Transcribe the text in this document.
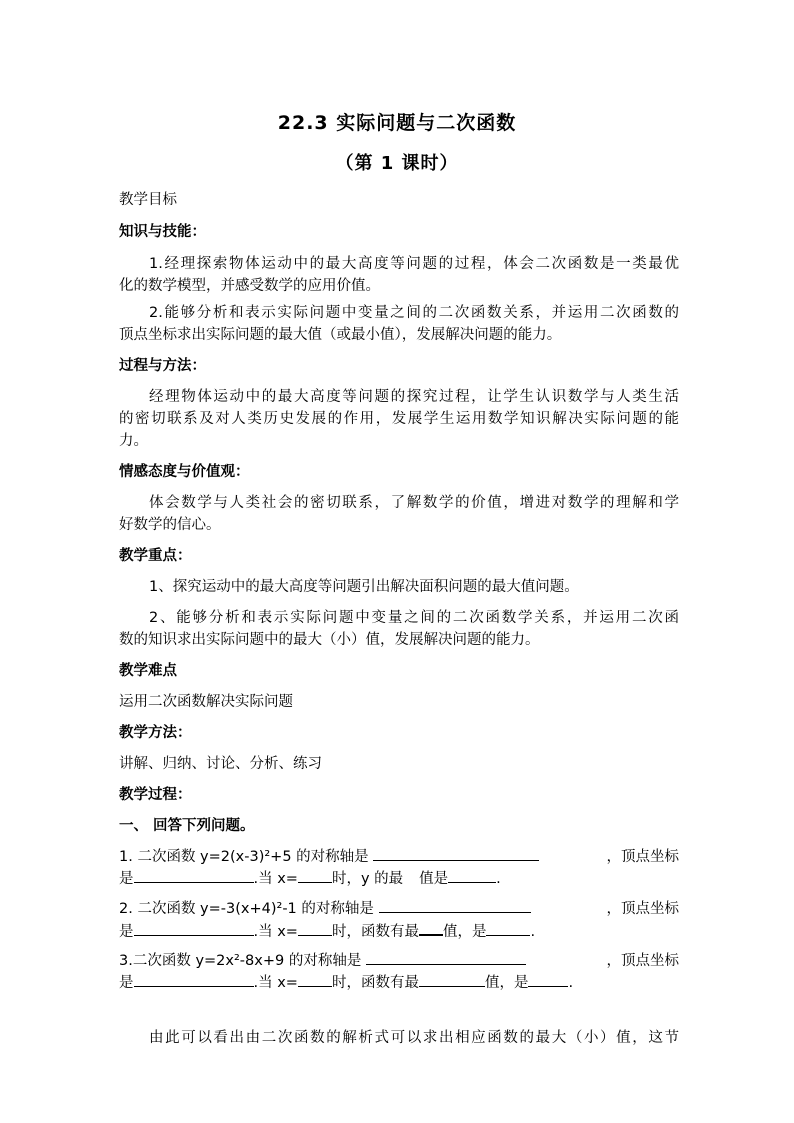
22.3 实际问题与二次函数
（第 1 课时）
教学目标
知识与技能：
1.经理探索物体运动中的最大高度等问题的过程，体会二次函数是一类最优
化的数学模型，并感受数学的应用价值。
2.能够分析和表示实际问题中变量之间的二次函数关系，并运用二次函数的
顶点坐标求出实际问题的最大值（或最小值），发展解决问题的能力。
过程与方法：
经理物体运动中的最大高度等问题的探究过程，让学生认识数学与人类生活
的密切联系及对人类历史发展的作用，发展学生运用数学知识解决实际问题的能
力。
情感态度与价值观：
体会数学与人类社会的密切联系，了解数学的价值，增进对数学的理解和学
好数学的信心。
教学重点：
1、探究运动中的最大高度等问题引出解决面积问题的最大值问题。
2、能够分析和表示实际问题中变量之间的二次函数学关系，并运用二次函
数的知识求出实际问题中的最大（小）值，发展解决问题的能力。
教学难点
运用二次函数解决实际问题
教学方法：
讲解、归纳、讨论、分析、练习
教学过程：
一、 回答下列问题。
1. 二次函数 y=2(x-3)²+5 的对称轴是	，顶点坐标
是	.当 x= 时，y 的最 值是	.
2. 二次函数 y=-3(x+4)²-1 的对称轴是	，顶点坐标
是	.当 x= 时，函数有最 值，是	.
3.二次函数 y=2x²-8x+9 的对称轴是	，顶点坐标
是	.当 x= 时，函数有最	值，是	.
由此可以看出由二次函数的解析式可以求出相应函数的最大（小）值，这节
